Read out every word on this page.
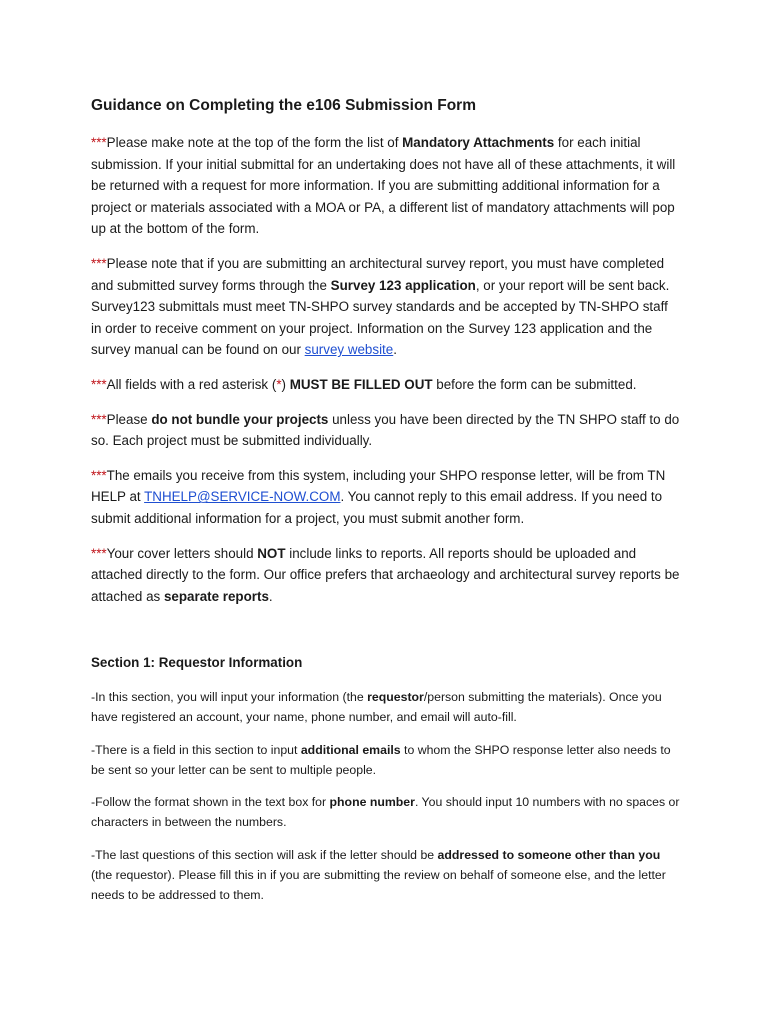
Guidance on Completing the e106 Submission Form

***Please make note at the top of the form the list of Mandatory Attachments for each initial submission. If your initial submittal for an undertaking does not have all of these attachments, it will be returned with a request for more information. If you are submitting additional information for a project or materials associated with a MOA or PA, a different list of mandatory attachments will pop up at the bottom of the form.

***Please note that if you are submitting an architectural survey report, you must have completed and submitted survey forms through the Survey 123 application, or your report will be sent back. Survey123 submittals must meet TN-SHPO survey standards and be accepted by TN-SHPO staff in order to receive comment on your project. Information on the Survey 123 application and the survey manual can be found on our survey website.

***All fields with a red asterisk (*) MUST BE FILLED OUT before the form can be submitted.

***Please do not bundle your projects unless you have been directed by the TN SHPO staff to do so. Each project must be submitted individually.

***The emails you receive from this system, including your SHPO response letter, will be from TN HELP at TNHELP@SERVICE-NOW.COM. You cannot reply to this email address. If you need to submit additional information for a project, you must submit another form.

***Your cover letters should NOT include links to reports. All reports should be uploaded and attached directly to the form. Our office prefers that archaeology and architectural survey reports be attached as separate reports.

Section 1: Requestor Information

-In this section, you will input your information (the requestor/person submitting the materials). Once you have registered an account, your name, phone number, and email will auto-fill.

-There is a field in this section to input additional emails to whom the SHPO response letter also needs to be sent so your letter can be sent to multiple people.

-Follow the format shown in the text box for phone number. You should input 10 numbers with no spaces or characters in between the numbers.

-The last questions of this section will ask if the letter should be addressed to someone other than you (the requestor). Please fill this in if you are submitting the review on behalf of someone else, and the letter needs to be addressed to them.
